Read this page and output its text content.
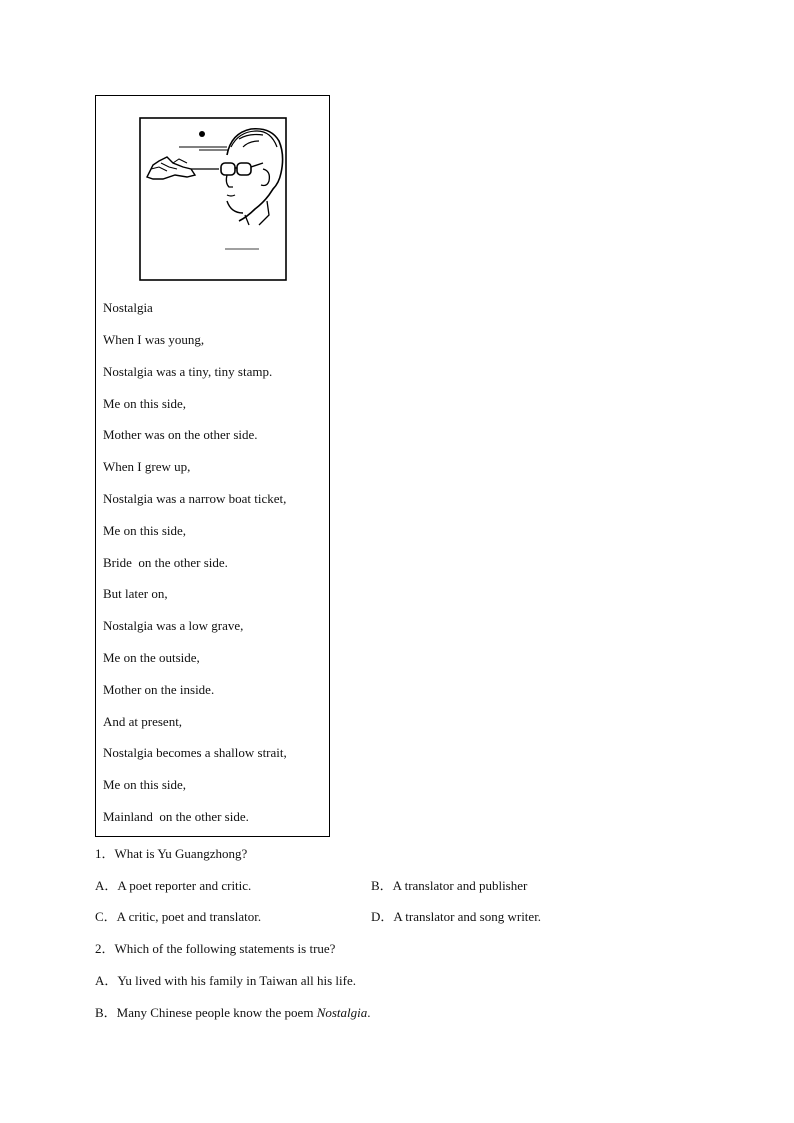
Nostalgia
When I was young,
Nostalgia was a tiny, tiny stamp.
Me on this side,
Mother was on the other side.
When I grew up,
Nostalgia was a narrow boat ticket,
Me on this side,
Bride  on the other side.
But later on,
Nostalgia was a low grave,
Me on the outside,
Mother on the inside.
And at present,
Nostalgia becomes a shallow strait,
Me on this side,
Mainland  on the other side.
1．What is Yu Guangzhong?
A．A poet reporter and critic.	B．A translator and publisher
C．A critic, poet and translator.	D．A translator and song writer.
2．Which of the following statements is true?
A．Yu lived with his family in Taiwan all his life.
B．Many Chinese people know the poem Nostalgia.
